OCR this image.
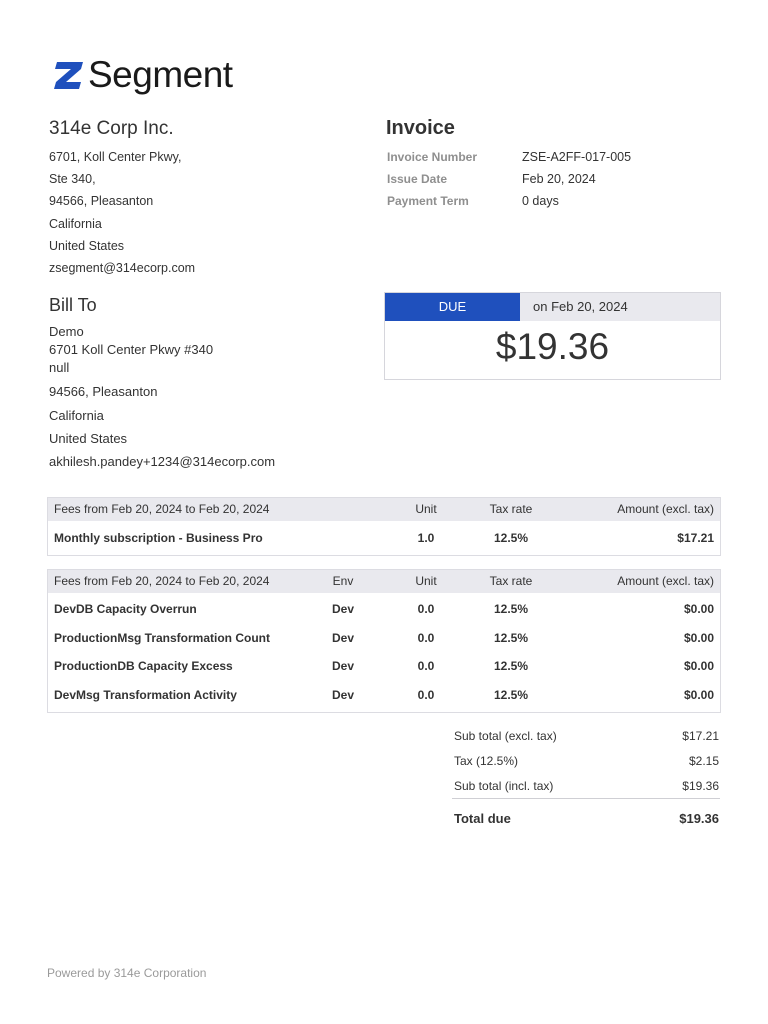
Segment
314e Corp Inc.
6701, Koll Center Pkwy,
Ste 340,
94566, Pleasanton
California
United States
zsegment@314ecorp.com
Invoice
Invoice Number	ZSE-A2FF-017-005
Issue Date	Feb 20, 2024
Payment Term	0 days
Bill To
Demo
6701 Koll Center Pkwy #340
null
94566, Pleasanton
California
United States
akhilesh.pandey+1234@314ecorp.com
DUE	on Feb 20, 2024
$19.36
Fees from Feb 20, 2024 to Feb 20, 2024	Unit	Tax rate	Amount (excl. tax)
Monthly subscription - Business Pro	1.0	12.5%	$17.21
Fees from Feb 20, 2024 to Feb 20, 2024	Env	Unit	Tax rate	Amount (excl. tax)
DevDB Capacity Overrun	Dev	0.0	12.5%	$0.00
ProductionMsg Transformation Count	Dev	0.0	12.5%	$0.00
ProductionDB Capacity Excess	Dev	0.0	12.5%	$0.00
DevMsg Transformation Activity	Dev	0.0	12.5%	$0.00
Sub total (excl. tax)	$17.21
Tax (12.5%)	$2.15
Sub total (incl. tax)	$19.36
Total due	$19.36
Powered by 314e Corporation
